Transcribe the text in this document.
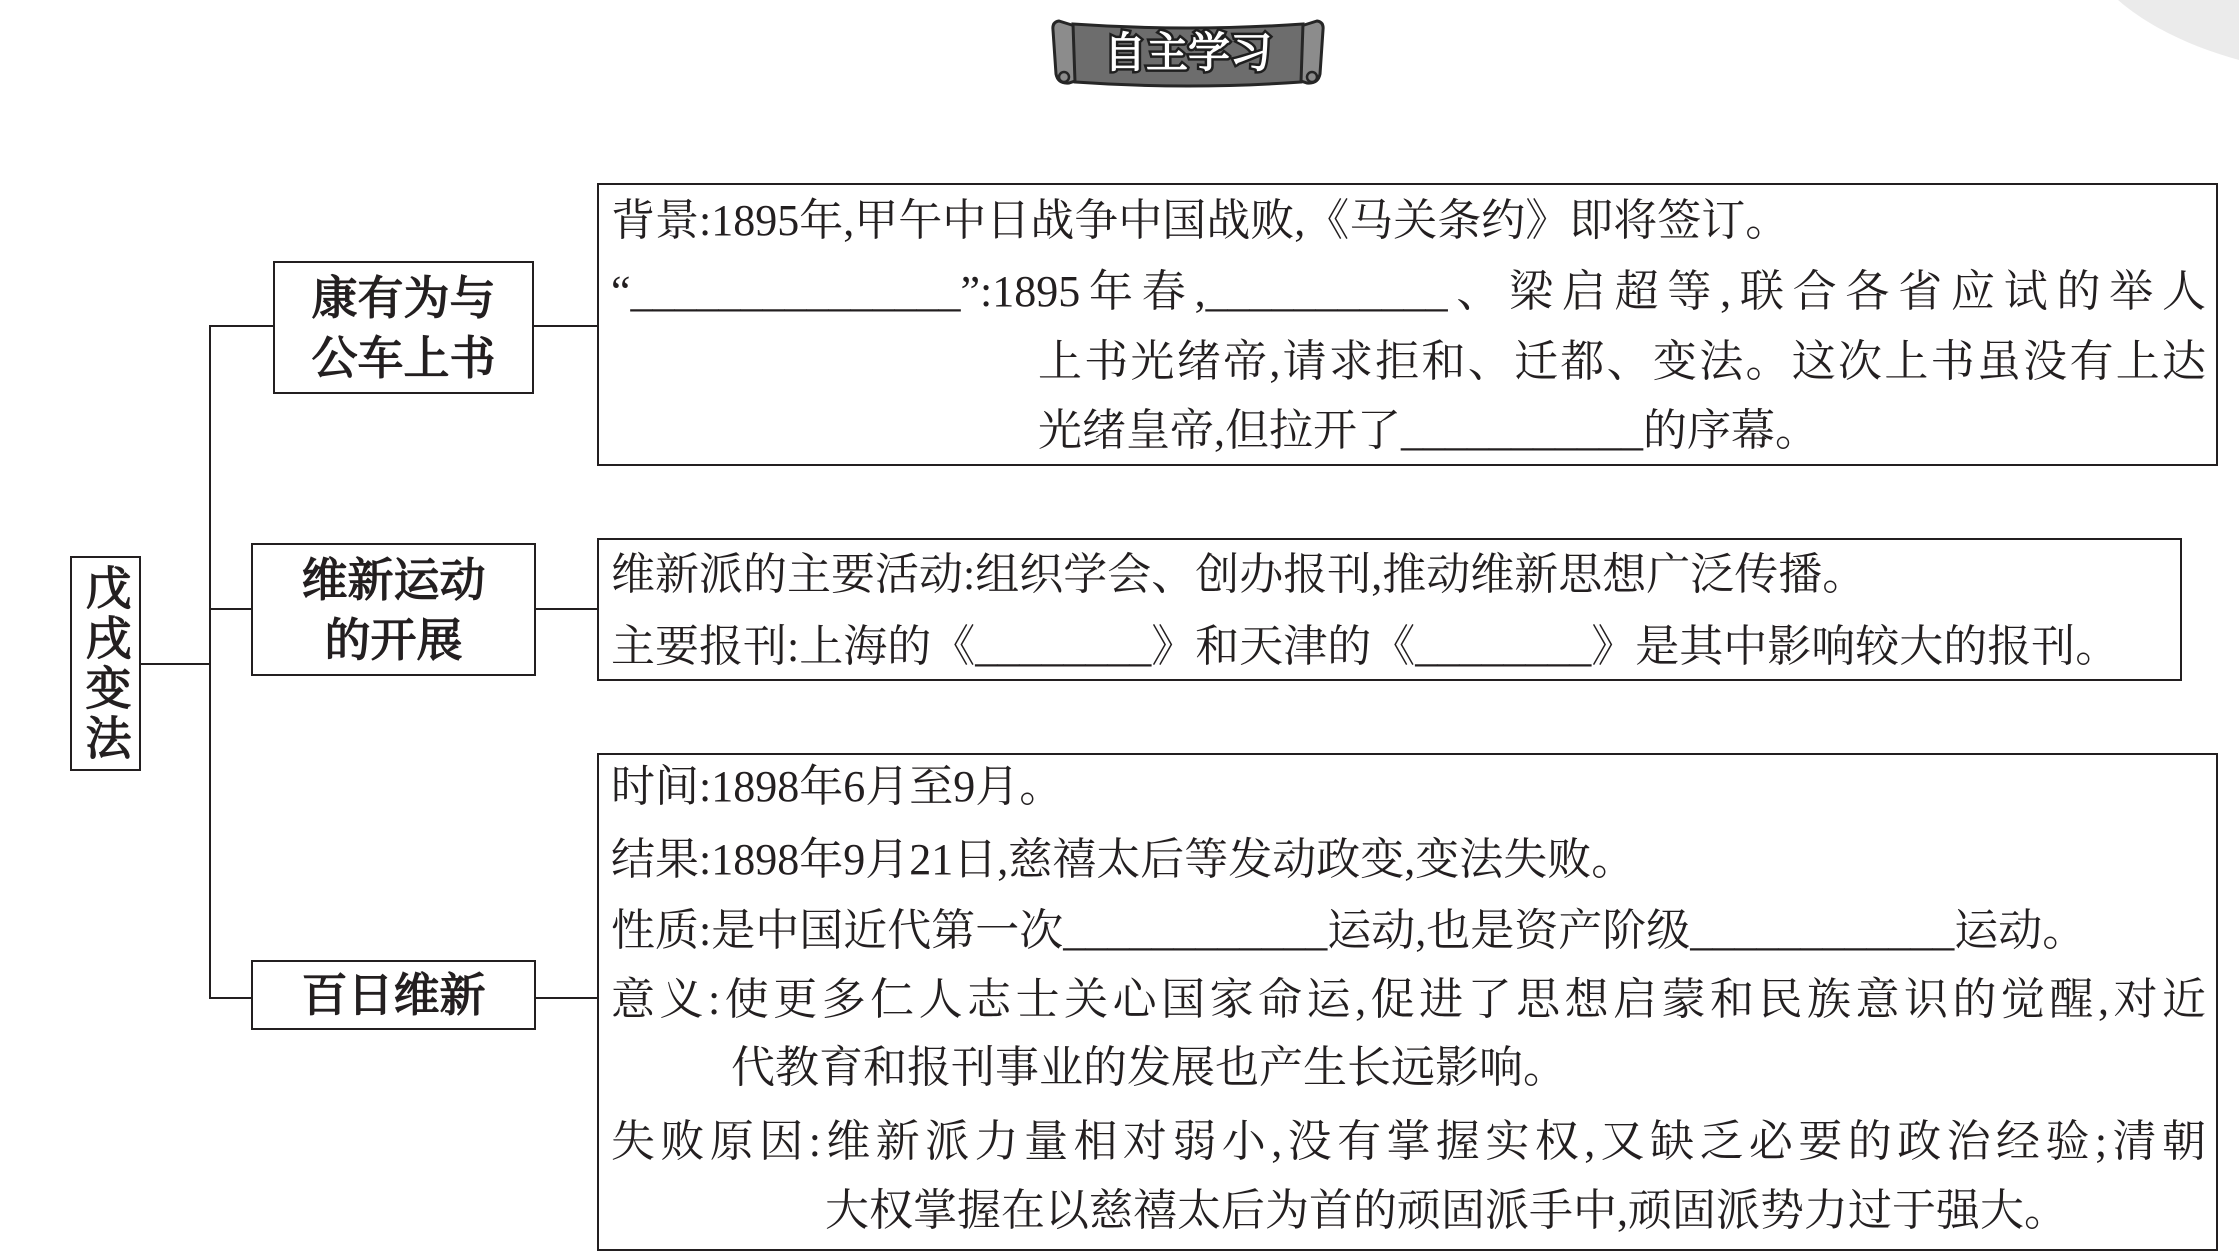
自主学习
戊戌变法
康有为与
公车上书
维新运动
的开展
百日维新
背景:1895年,甲午中日战争中国战败,《马关条约》即将签订。
“_______________”:1895年春,___________、梁启超等,联合各省应试的举人
上书光绪帝,请求拒和、迁都、变法。这次上书虽没有上达
光绪皇帝,但拉开了___________的序幕。
维新派的主要活动:组织学会、创办报刊,推动维新思想广泛传播。
主要报刊:上海的《________》和天津的《________》是其中影响较大的报刊。
时间:1898年6月至9月。
结果:1898年9月21日,慈禧太后等发动政变,变法失败。
性质:是中国近代第一次____________运动,也是资产阶级____________运动。
意义:使更多仁人志士关心国家命运,促进了思想启蒙和民族意识的觉醒,对近
代教育和报刊事业的发展也产生长远影响。
失败原因:维新派力量相对弱小,没有掌握实权,又缺乏必要的政治经验;清朝
大权掌握在以慈禧太后为首的顽固派手中,顽固派势力过于强大。
